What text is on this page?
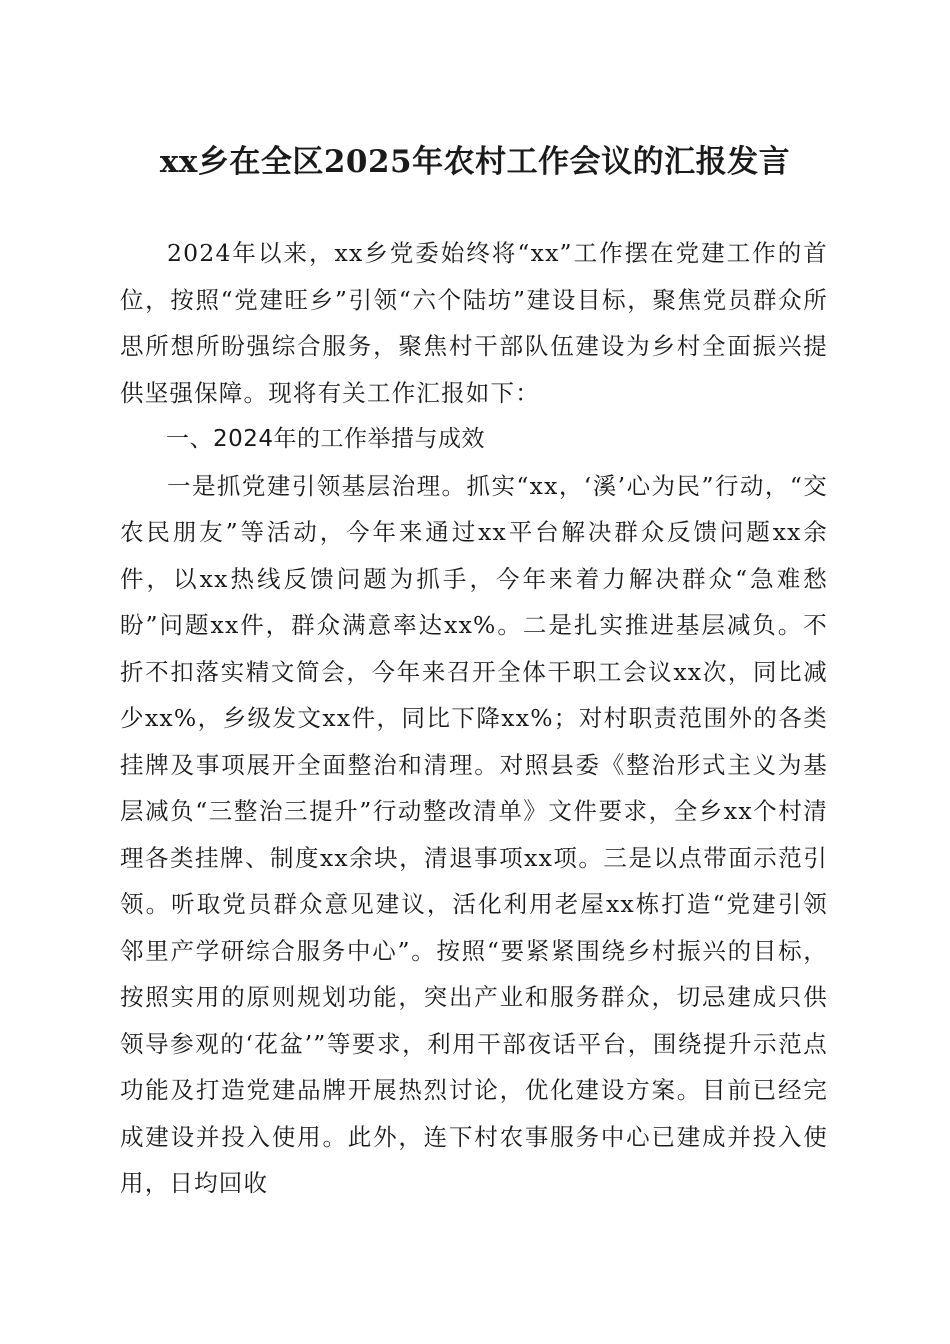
xx乡在全区2025年农村工作会议的汇报发言

2024年以来，xx乡党委始终将“xx”工作摆在党建工作的首位，按照“党建旺乡”引领“六个陆坊”建设目标，聚焦党员群众所思所想所盼强综合服务，聚焦村干部队伍建设为乡村全面振兴提供坚强保障。现将有关工作汇报如下：

一、2024年的工作举措与成效

一是抓党建引领基层治理。抓实“xx，‘溪’心为民”行动，“交农民朋友”等活动，今年来通过xx平台解决群众反馈问题xx余件，以xx热线反馈问题为抓手，今年来着力解决群众“急难愁盼”问题xx件，群众满意率达xx%。二是扎实推进基层减负。不折不扣落实精文简会，今年来召开全体干职工会议xx次，同比减少xx%，乡级发文xx件，同比下降xx%；对村职责范围外的各类挂牌及事项展开全面整治和清理。对照县委《整治形式主义为基层减负“三整治三提升”行动整改清单》文件要求，全乡xx个村清理各类挂牌、制度xx余块，清退事项xx项。三是以点带面示范引领。听取党员群众意见建议，活化利用老屋xx栋打造“党建引领邻里产学研综合服务中心”。按照“要紧紧围绕乡村振兴的目标，按照实用的原则规划功能，突出产业和服务群众，切忌建成只供领导参观的‘花盆’”等要求，利用干部夜话平台，围绕提升示范点功能及打造党建品牌开展热烈讨论，优化建设方案。目前已经完成建设并投入使用。此外，连下村农事服务中心已建成并投入使用，日均回收
